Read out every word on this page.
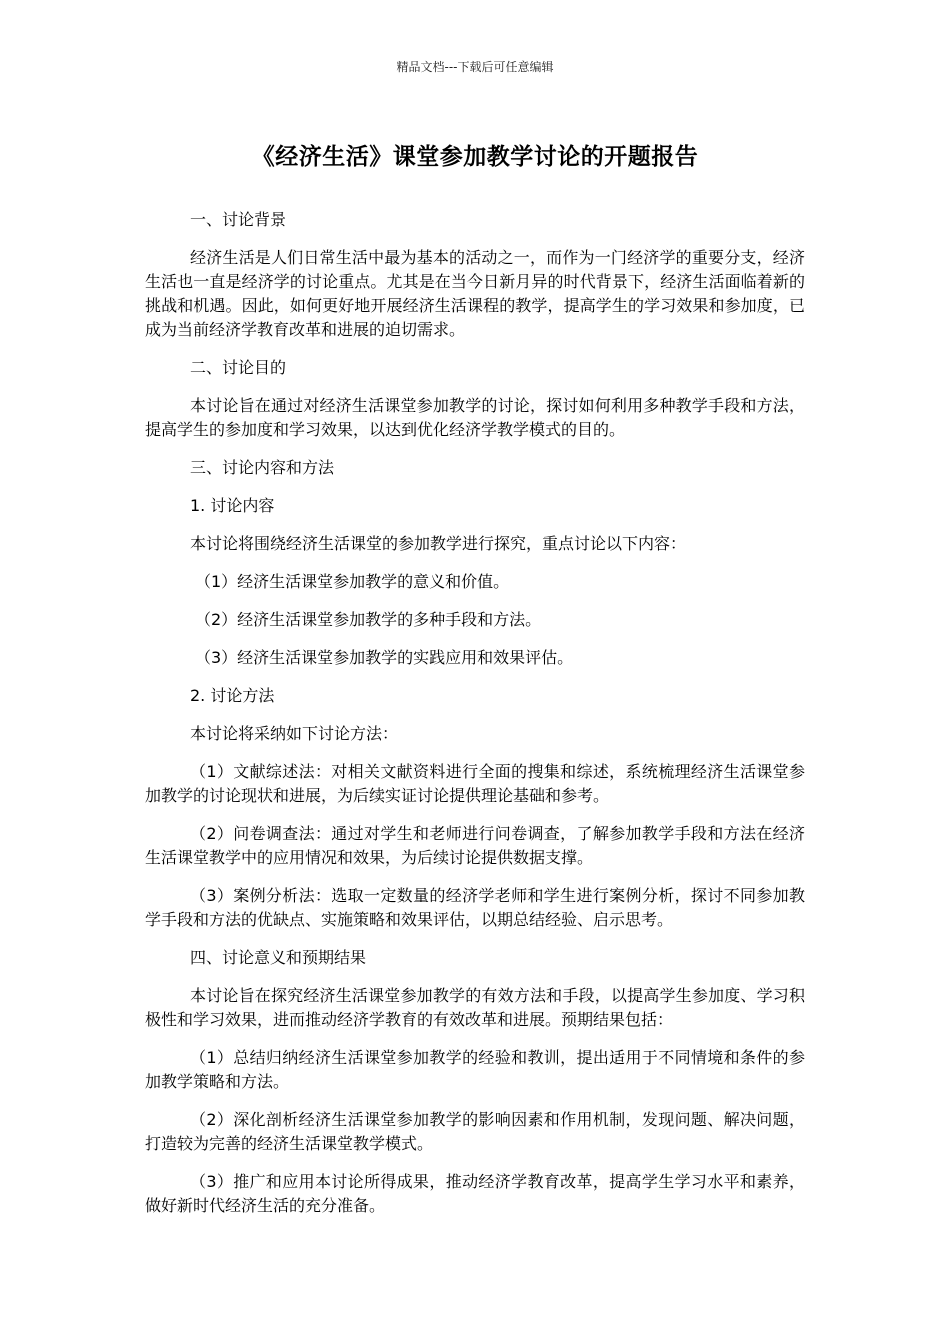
精品文档---下载后可任意编辑
《经济生活》课堂参加教学讨论的开题报告

一、讨论背景

经济生活是人们日常生活中最为基本的活动之一，而作为一门经济学的重要分支，经济生活也一直是经济学的讨论重点。尤其是在当今日新月异的时代背景下，经济生活面临着新的挑战和机遇。因此，如何更好地开展经济生活课程的教学，提高学生的学习效果和参加度，已成为当前经济学教育改革和进展的迫切需求。

二、讨论目的

本讨论旨在通过对经济生活课堂参加教学的讨论，探讨如何利用多种教学手段和方法，提高学生的参加度和学习效果，以达到优化经济学教学模式的目的。

三、讨论内容和方法

1. 讨论内容

本讨论将围绕经济生活课堂的参加教学进行探究，重点讨论以下内容：

（1）经济生活课堂参加教学的意义和价值。

（2）经济生活课堂参加教学的多种手段和方法。

（3）经济生活课堂参加教学的实践应用和效果评估。

2. 讨论方法

本讨论将采纳如下讨论方法：

（1）文献综述法：对相关文献资料进行全面的搜集和综述，系统梳理经济生活课堂参加教学的讨论现状和进展，为后续实证讨论提供理论基础和参考。

（2）问卷调查法：通过对学生和老师进行问卷调查，了解参加教学手段和方法在经济生活课堂教学中的应用情况和效果，为后续讨论提供数据支撑。

（3）案例分析法：选取一定数量的经济学老师和学生进行案例分析，探讨不同参加教学手段和方法的优缺点、实施策略和效果评估，以期总结经验、启示思考。

四、讨论意义和预期结果

本讨论旨在探究经济生活课堂参加教学的有效方法和手段，以提高学生参加度、学习积极性和学习效果，进而推动经济学教育的有效改革和进展。预期结果包括：

（1）总结归纳经济生活课堂参加教学的经验和教训，提出适用于不同情境和条件的参加教学策略和方法。

（2）深化剖析经济生活课堂参加教学的影响因素和作用机制，发现问题、解决问题，打造较为完善的经济生活课堂教学模式。

（3）推广和应用本讨论所得成果，推动经济学教育改革，提高学生学习水平和素养，做好新时代经济生活的充分准备。
